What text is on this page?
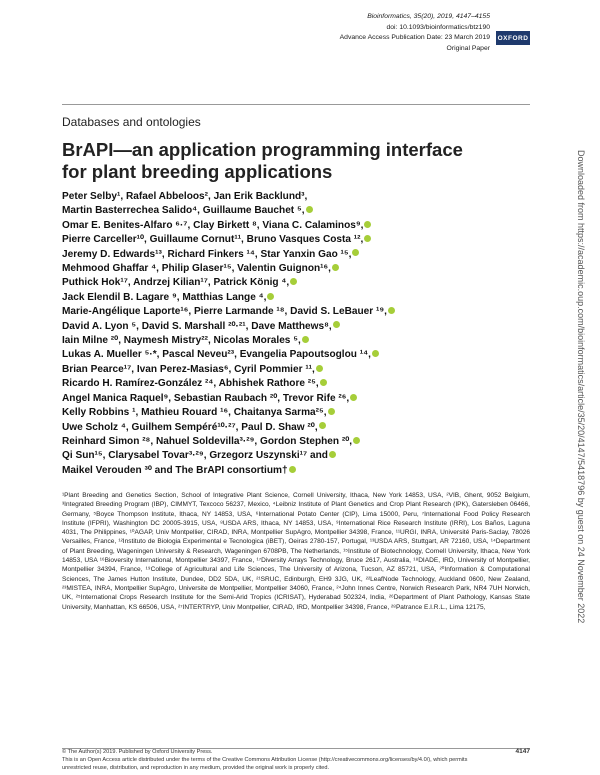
Bioinformatics, 35(20), 2019, 4147–4155
doi: 10.1093/bioinformatics/btz190
Advance Access Publication Date: 23 March 2019
Original Paper
OXFORD
Databases and ontologies
BrAPI—an application programming interface
for plant breeding applications
Peter Selby¹, Rafael Abbeloos², Jan Erik Backlund³,
Martin Basterrechea Salido⁴, Guillaume Bauchet ⁵,
Omar E. Benites-Alfaro ⁶·⁷, Clay Birkett ⁸, Viana C. Calaminos⁹,
Pierre Carceller¹⁰, Guillaume Cornut¹¹, Bruno Vasques Costa ¹²,
Jeremy D. Edwards¹³, Richard Finkers ¹⁴, Star Yanxin Gao ¹⁵,
Mehmood Ghaffar ⁴, Philip Glaser¹⁵, Valentin Guignon¹⁶,
Puthick Hok¹⁷, Andrzej Kilian¹⁷, Patrick König ⁴,
Jack Elendil B. Lagare ⁹, Matthias Lange ⁴,
Marie-Angélique Laporte¹⁶, Pierre Larmande ¹⁸, David S. LeBauer ¹⁹,
David A. Lyon ⁵, David S. Marshall ²⁰·²¹, Dave Matthews⁸,
Iain Milne ²⁰, Naymesh Mistry²², Nicolas Morales ⁵,
Lukas A. Mueller ⁵·*, Pascal Neveu²³, Evangelia Papoutsoglou ¹⁴,
Brian Pearce¹⁷, Ivan Perez-Masias⁶, Cyril Pommier ¹¹,
Ricardo H. Ramírez-González ²⁴, Abhishek Rathore ²⁵,
Angel Manica Raquel⁹, Sebastian Raubach ²⁰, Trevor Rife ²⁶,
Kelly Robbins ¹, Mathieu Rouard ¹⁶, Chaitanya Sarma²⁵,
Uwe Scholz ⁴, Guilhem Sempéré¹⁰·²⁷, Paul D. Shaw ²⁰,
Reinhard Simon ²⁸, Nahuel Soldevilla³·²⁹, Gordon Stephen ²⁰,
Qi Sun¹⁵, Clarysabel Tovar³·²⁹, Grzegorz Uszynski¹⁷ and
Maikel Verouden ³⁰ and The BrAPI consortium†
¹Plant Breeding and Genetics Section, School of Integrative Plant Science, Cornell University, Ithaca, New York 14853, USA, ²VIB, Ghent, 9052 Belgium, ³Integrated Breeding Program (IBP), CIMMYT, Texcoco 56237, Mexico, ⁴Leibniz Institute of Plant Genetics and Crop Plant Research (IPK), Gatersleben 06466, Germany, ⁵Boyce Thompson Institute, Ithaca, NY 14853, USA, ⁶International Potato Center (CIP), Lima 15000, Peru, ⁷International Food Policy Research Institute (IFPRI), Washington DC 20005-3915, USA, ⁸USDA ARS, Ithaca, NY 14853, USA, ⁹International Rice Research Institute (IRRI), Los Baños, Laguna 4031, The Philippines, ¹⁰AGAP, Univ Montpellier, CIRAD, INRA, Montpellier SupAgro, Montpellier 34398, France, ¹¹URGI, INRA, Université Paris-Saclay, 78026 Versailles, France, ¹²Instituto de Biologia Experimental e Tecnologica (iBET), Oeiras 2780-157, Portugal, ¹³USDA ARS, Stuttgart, AR 72160, USA, ¹⁴Department of Plant Breeding, Wageningen University & Research, Wageningen 6708PB, The Netherlands, ¹⁵Institute of Biotechnology, Cornell University, Ithaca, New York 14853, USA ¹⁶Bioversity International, Montpellier 34397, France, ¹⁷Diversity Arrays Technology, Bruce 2617, Australia, ¹⁸DIADE, IRD, University of Montpellier, Montpellier 34394, France, ¹⁹College of Agricultural and Life Sciences, The University of Arizona, Tucson, AZ 85721, USA, ²⁰Information & Computational Sciences, The James Hutton Institute, Dundee, DD2 5DA, UK, ²¹SRUC, Edinburgh, EH9 3JG, UK, ²²LeafNode Technology, Auckland 0600, New Zealand, ²³MISTEA, INRA, Montpellier SupAgro, Universite de Montpellier, Montpellier 34060, France, ²⁴John Innes Centre, Norwich Research Park, NR4 7UH Norwich, UK, ²⁵International Crops Research Institute for the Semi-Arid Tropics (ICRISAT), Hyderabad 502324, India, ²⁶Department of Plant Pathology, Kansas State University, Manhattan, KS 66506, USA, ²⁷INTERTRYP, Univ Montpellier, CIRAD, IRD, Montpellier 34398, France, ²⁸Patrance E.I.R.L., Lima 12175,
© The Author(s) 2019. Published by Oxford University Press.	4147
This is an Open Access article distributed under the terms of the Creative Commons Attribution License (http://creativecommons.org/licenses/by/4.0/), which permits
unrestricted reuse, distribution, and reproduction in any medium, provided the original work is properly cited.
Downloaded from https://academic.oup.com/bioinformatics/article/35/20/4147/5418796 by guest on 24 November 2022
